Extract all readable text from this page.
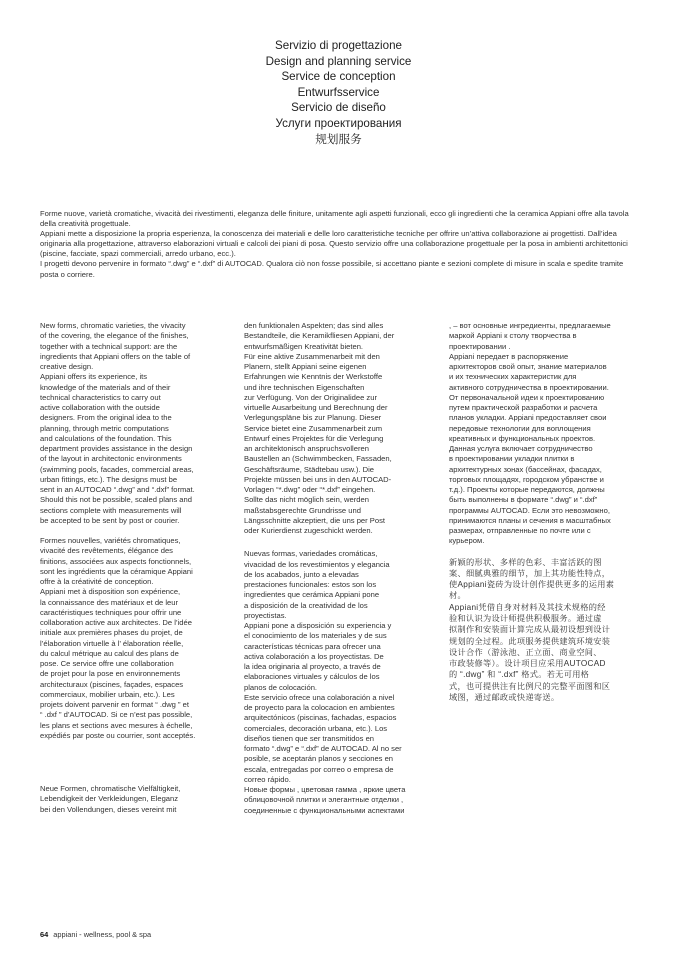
Servizio di progettazione
Design and planning service
Service de conception
Entwurfsservice
Servicio de diseño
Услуги проектирования
规划服务

Forme nuove, varietà cromatiche, vivacità dei rivestimenti, eleganza delle finiture, unitamente agli aspetti funzionali, ecco gli ingredienti che la ceramica Appiani offre alla tavola della creatività progettuale.
Appiani mette a disposizione la propria esperienza, la conoscenza dei materiali e delle loro caratteristiche tecniche per offrire un’attiva collaborazione ai progettisti. Dall’idea originaria alla progettazione, attraverso elaborazioni virtuali e calcoli dei piani di posa. Questo servizio offre una collaborazione progettuale per la posa in ambienti architettonici (piscine, facciate, spazi commerciali, arredo urbano, ecc.).
I progetti devono pervenire in formato “.dwg” e “.dxf” di AUTOCAD. Qualora ciò non fosse possibile, si accettano piante e sezioni complete di misure in scala e spedite tramite posta o corriere.

New forms, chromatic varieties, the vivacity
of the covering, the elegance of the finishes,
together with a technical support: are the
ingredients that Appiani offers on the table of
creative design.
Appiani offers its experience, its
knowledge of the materials and of their
technical characteristics to carry out
active collaboration with the outside
designers. From the original idea to the
planning, through metric computations
and calculations of the foundation. This
department provides assistance in the design
of the layout in architectonic environments
(swimming pools, facades, commercial areas,
urban fittings, etc.). The designs must be
sent in an AUTOCAD “.dwg” and “.dxf” format.
Should this not be possible, scaled plans and
sections complete with measurements will
be accepted to be sent by post or courier.

Formes nouvelles, variétés chromatiques,
vivacité des revêtements, élégance des
finitions, associées aux aspects fonctionnels,
sont les ingrédients que la céramique Appiani
offre à la créativité de conception.
Appiani met à disposition son expérience,
la connaissance des matériaux et de leur
caractéristiques techniques pour offrir une
collaboration active aux architectes. De l’idée
initiale aux premières phases du projet, de
l’élaboration virtuelle à l’ élaboration réelle,
du calcul métrique au calcul des plans de
pose. Ce service offre une collaboration
de projet pour la pose en environnements
architecturaux (piscines, façades, espaces
commerciaux, mobilier urbain, etc.). Les
projets doivent parvenir en format “ .dwg ” et
“ .dxf ” d’AUTOCAD. Si ce n’est pas possible,
les plans et sections avec mesures à échelle,
expédiés par poste ou courrier, sont acceptés.

Neue Formen, chromatische Vielfältigkeit,
Lebendigkeit der Verkleidungen, Eleganz
bei den Vollendungen, dieses vereint mit

den funktionalen Aspekten; das sind alles
Bestandteile, die Keramikfliesen Appiani, der
entwurfsmäßigen Kreativität bieten.
Für eine aktive Zusammenarbeit mit den
Planern, stellt Appiani seine eigenen
Erfahrungen wie Kenntnis der Werkstoffe
und ihre technischen Eigenschaften
zur Verfügung. Von der Originalidee zur
virtuelle Ausarbeitung und Berechnung der
Verlegungspläne bis zur Planung. Dieser
Service bietet eine Zusammenarbeit zum
Entwurf eines Projektes für die Verlegung
an architektonisch anspruchsvolleren
Baustellen an (Schwimmbecken, Fassaden,
Geschäftsräume, Städtebau usw.). Die
Projekte müssen bei uns in den AUTOCAD-
Vorlagen “*.dwg” oder “*.dxf” eingehen.
Sollte das nicht möglich sein, werden
maßstabsgerechte Grundrisse und
Längsschnitte akzeptiert, die uns per Post
oder Kurierdienst zugeschickt werden.

Nuevas formas, variedades cromáticas,
vivacidad de los revestimientos y elegancia
de los acabados, junto a elevadas
prestaciones funcionales: estos son los
ingredientes que cerámica Appiani pone
a disposición de la creatividad de los
proyectistas.
Appiani pone a disposición su experiencia y
el conocimiento de los materiales y de sus
características técnicas para ofrecer una
activa colaboración a los proyectistas. De
la idea originaria al proyecto, a través de
elaboraciones virtuales y cálculos de los
planos de colocación.
Este servicio ofrece una colaboración a nivel
de proyecto para la colocacion en ambientes
arquitectónicos (piscinas, fachadas, espacios
comerciales, decoración urbana, etc.). Los
diseños tienen que ser transmitidos en
formato “.dwg” e “.dxf” de AUTOCAD. Al no ser
posible, se aceptarán planos y secciones en
escala, entregadas por correo o empresa de
correo rápido.

Новые формы , цветовая гамма , яркие цвета
облицовочной плитки и элегантные отделки ,
соединенные с функциональными аспектами

, – вот основные ингредиенты, предлагаемые
маркой Appiani к столу творчества в
проектировании .
Appiani передает в распоряжение
архитекторов свой опыт, знание материалов
и их технических характеристик для
активного сотрудничества в проектировании.
От первоначальной идеи к проектированию
путем практической разработки и расчета
планов укладки. Appiani предоставляет свои
передовые технологии для воплощения
креативных и функциональных проектов.
Данная услуга включает сотрудничество
в проектировании укладки плитки в
архитектурных зонах (бассейнах, фасадах,
торговых площадях, городском убранстве и
т.д.). Проекты которые передаются, должны
быть выполнены в формате “.dwg” и “.dxf”
программы AUTOCAD. Если это невозможно,
принимаются планы и сечения в масштабных
размерах, отправленные по почте или с
курьером.

新颖的形状、多样的色彩、丰富活跃的图
案、细腻典雅的细节，加上其功能性特点，
使Appiani瓷砖为设计创作提供更多的运用素
材。
Appiani凭借自身对材料及其技术规格的经
验和认识为设计师提供积极服务。通过虚
拟制作和安装面计算完成从最初设想到设计
规划的全过程。此项服务提供建筑环境安装
设计合作（游泳池、正立面、商业空间、
市政装修等）。设计项目应采用AUTOCAD
的 “.dwg” 和 “.dxf” 格式。若无可用格
式，也可提供注有比例尺的完整平面图和区
域图，通过邮政或快递寄送。

64 appiani - wellness, pool & spa
